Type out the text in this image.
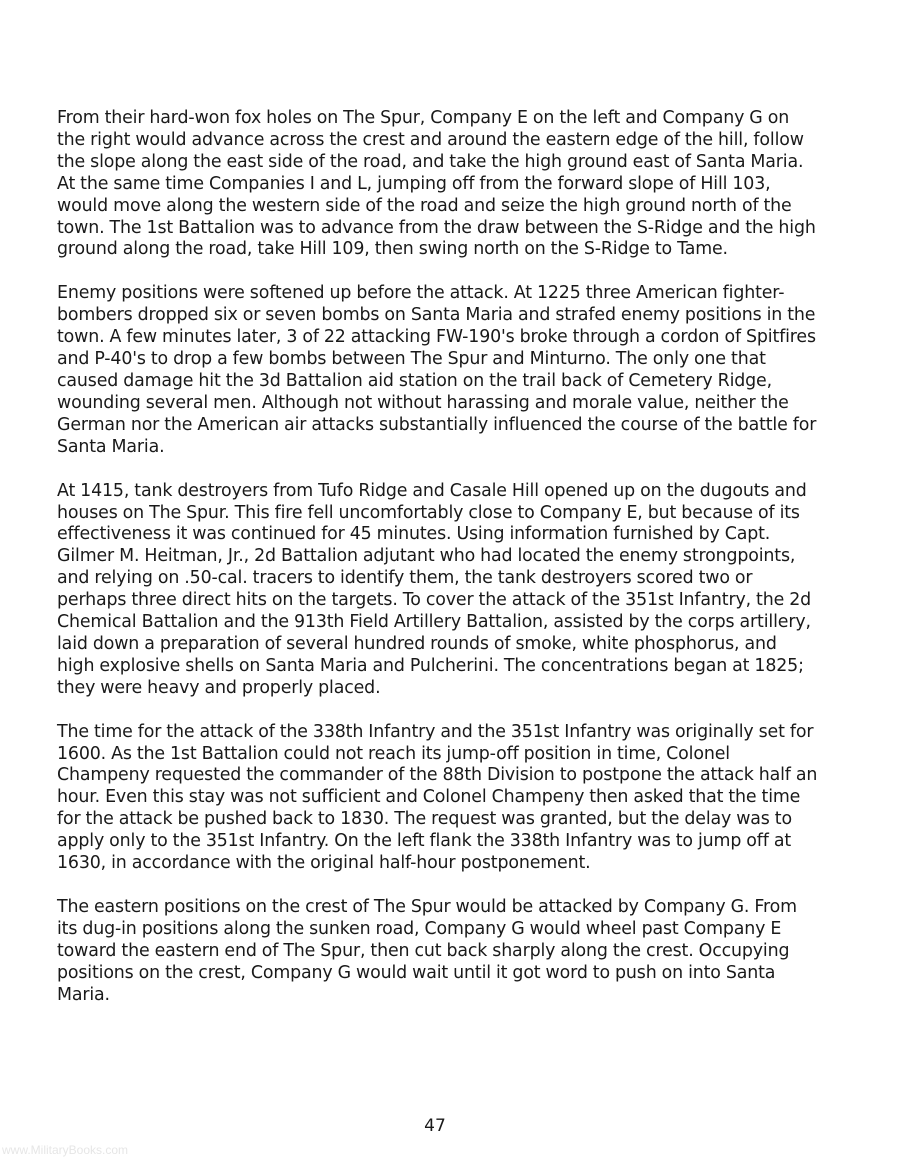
From their hard-won fox holes on The Spur, Company E on the left and Company G on the right would advance across the crest and around the eastern edge of the hill, follow the slope along the east side of the road, and take the high ground east of Santa Maria. At the same time Companies I and L, jumping off from the forward slope of Hill 103, would move along the western side of the road and seize the high ground north of the town. The 1st Battalion was to advance from the draw between the S-Ridge and the high ground along the road, take Hill 109, then swing north on the S-Ridge to Tame.

Enemy positions were softened up before the attack. At 1225 three American fighter-bombers dropped six or seven bombs on Santa Maria and strafed enemy positions in the town. A few minutes later, 3 of 22 attacking FW-190's broke through a cordon of Spitfires and P-40's to drop a few bombs between The Spur and Minturno. The only one that caused damage hit the 3d Battalion aid station on the trail back of Cemetery Ridge, wounding several men. Although not without harassing and morale value, neither the German nor the American air attacks substantially influenced the course of the battle for Santa Maria.

At 1415, tank destroyers from Tufo Ridge and Casale Hill opened up on the dugouts and houses on The Spur. This fire fell uncomfortably close to Company E, but because of its effectiveness it was continued for 45 minutes. Using information furnished by Capt. Gilmer M. Heitman, Jr., 2d Battalion adjutant who had located the enemy strongpoints, and relying on .50-cal. tracers to identify them, the tank destroyers scored two or perhaps three direct hits on the targets. To cover the attack of the 351st Infantry, the 2d Chemical Battalion and the 913th Field Artillery Battalion, assisted by the corps artillery, laid down a preparation of several hundred rounds of smoke, white phosphorus, and high explosive shells on Santa Maria and Pulcherini. The concentrations began at 1825; they were heavy and properly placed.

The time for the attack of the 338th Infantry and the 351st Infantry was originally set for 1600. As the 1st Battalion could not reach its jump-off position in time, Colonel Champeny requested the commander of the 88th Division to postpone the attack half an hour. Even this stay was not sufficient and Colonel Champeny then asked that the time for the attack be pushed back to 1830. The request was granted, but the delay was to apply only to the 351st Infantry. On the left flank the 338th Infantry was to jump off at 1630, in accordance with the original half-hour postponement.

The eastern positions on the crest of The Spur would be attacked by Company G. From its dug-in positions along the sunken road, Company G would wheel past Company E toward the eastern end of The Spur, then cut back sharply along the crest. Occupying positions on the crest, Company G would wait until it got word to push on into Santa Maria.

47
www.MilitaryBooks.com
